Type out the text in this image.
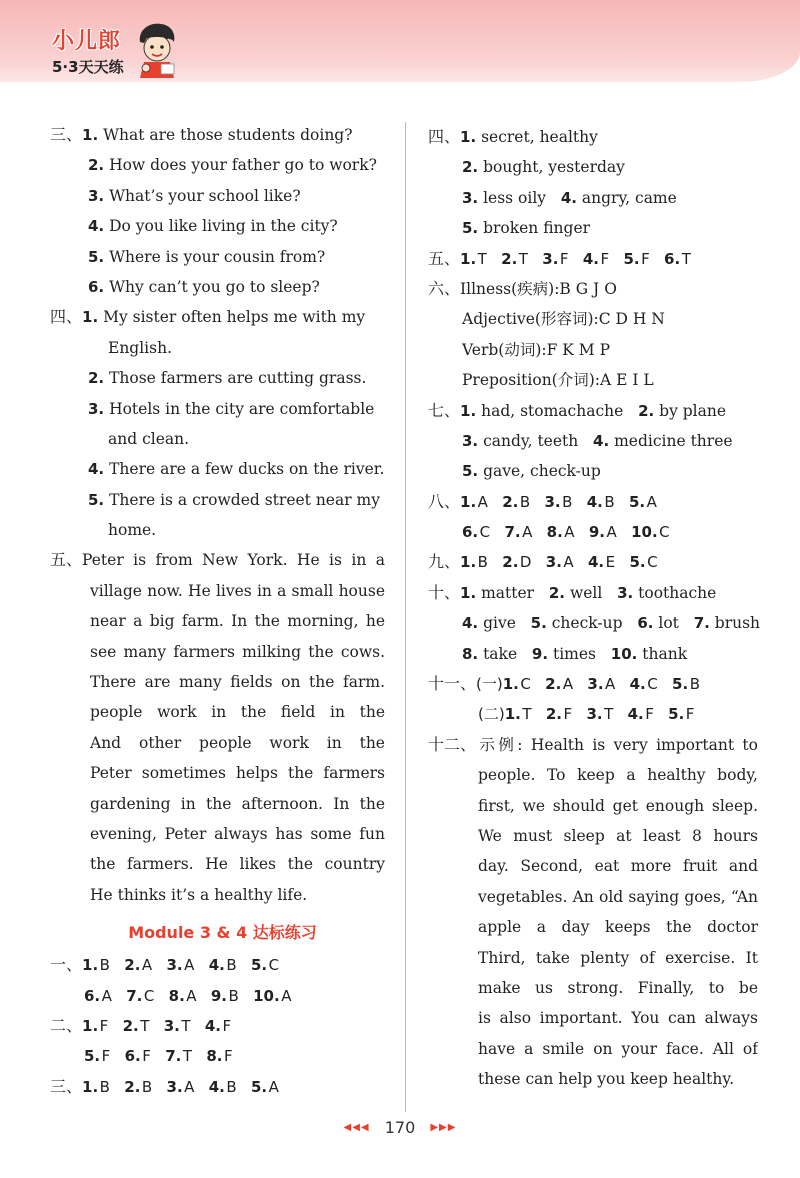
小儿郎
5·3天天练
三、1. What are those students doing?
2. How does your father go to work?
3. What’s your school like?
4. Do you like living in the city?
5. Where is your cousin from?
6. Why can’t you go to sleep?
四、1. My sister often helps me with my
English.
2. Those farmers are cutting grass.
3. Hotels in the city are comfortable
and clean.
4. There are a few ducks on the river.
5. There is a crowded street near my
home.
五、Peter is from New York. He is in a
village now. He lives in a small house
near a big farm. In the morning, he
see many farmers milking the cows.
There are many fields on the farm.
people work in the field in the
And other people work in the
Peter sometimes helps the farmers
gardening in the afternoon. In the
evening, Peter always has some fun
the farmers. He likes the country
He thinks it’s a healthy life.
Module 3 & 4 达标练习
一、1.  B 2.  A 3.  A 4.  B 5.  C
6.  A 7.  C 8.  A 9.  B 10.  A
二、1.  F 2.  T 3.  T 4.  F
5.  F 6.  F 7.  T 8.  F
三、1.  B 2.  B 3.  A 4.  B 5.  A
四、1. secret, healthy
2. bought, yesterday
3. less oily 4. angry, came
5. broken finger
五、1.  T 2.  T 3.  F 4.  F 5.  F 6.  T
六、Illness(疾病):B G J O
Adjective(形容词):C D H N
Verb(动词):F K M P
Preposition(介词):A E I L
七、1. had, stomachache 2. by plane
3. candy, teeth 4. medicine three
5. gave, check-up
八、1.  A 2.  B 3.  B 4.  B 5.  A
6.  C 7.  A 8.  A 9.  A 10.  C
九、1.  B 2.  D 3.  A 4.  E 5.  C
十、1. matter 2. well 3. toothache
4. give 5. check-up 6. lot 7. brush
8. take 9. times 10. thank
十一、(一)1.  C 2.  A 3.  A 4.  C 5.  B
(二)1.  T 2.  F 3.  T 4.  F 5.  F
十二、示例: Health is very important to
people. To keep a healthy body,
first, we should get enough sleep.
We must sleep at least 8 hours
day. Second, eat more fruit and
vegetables. An old saying goes, “An
apple a day keeps the doctor
Third, take plenty of exercise. It
make us strong. Finally, to be
is also important. You can always
have a smile on your face. All of
these can help you keep healthy.
◀◀◀ 170 ▶▶▶
